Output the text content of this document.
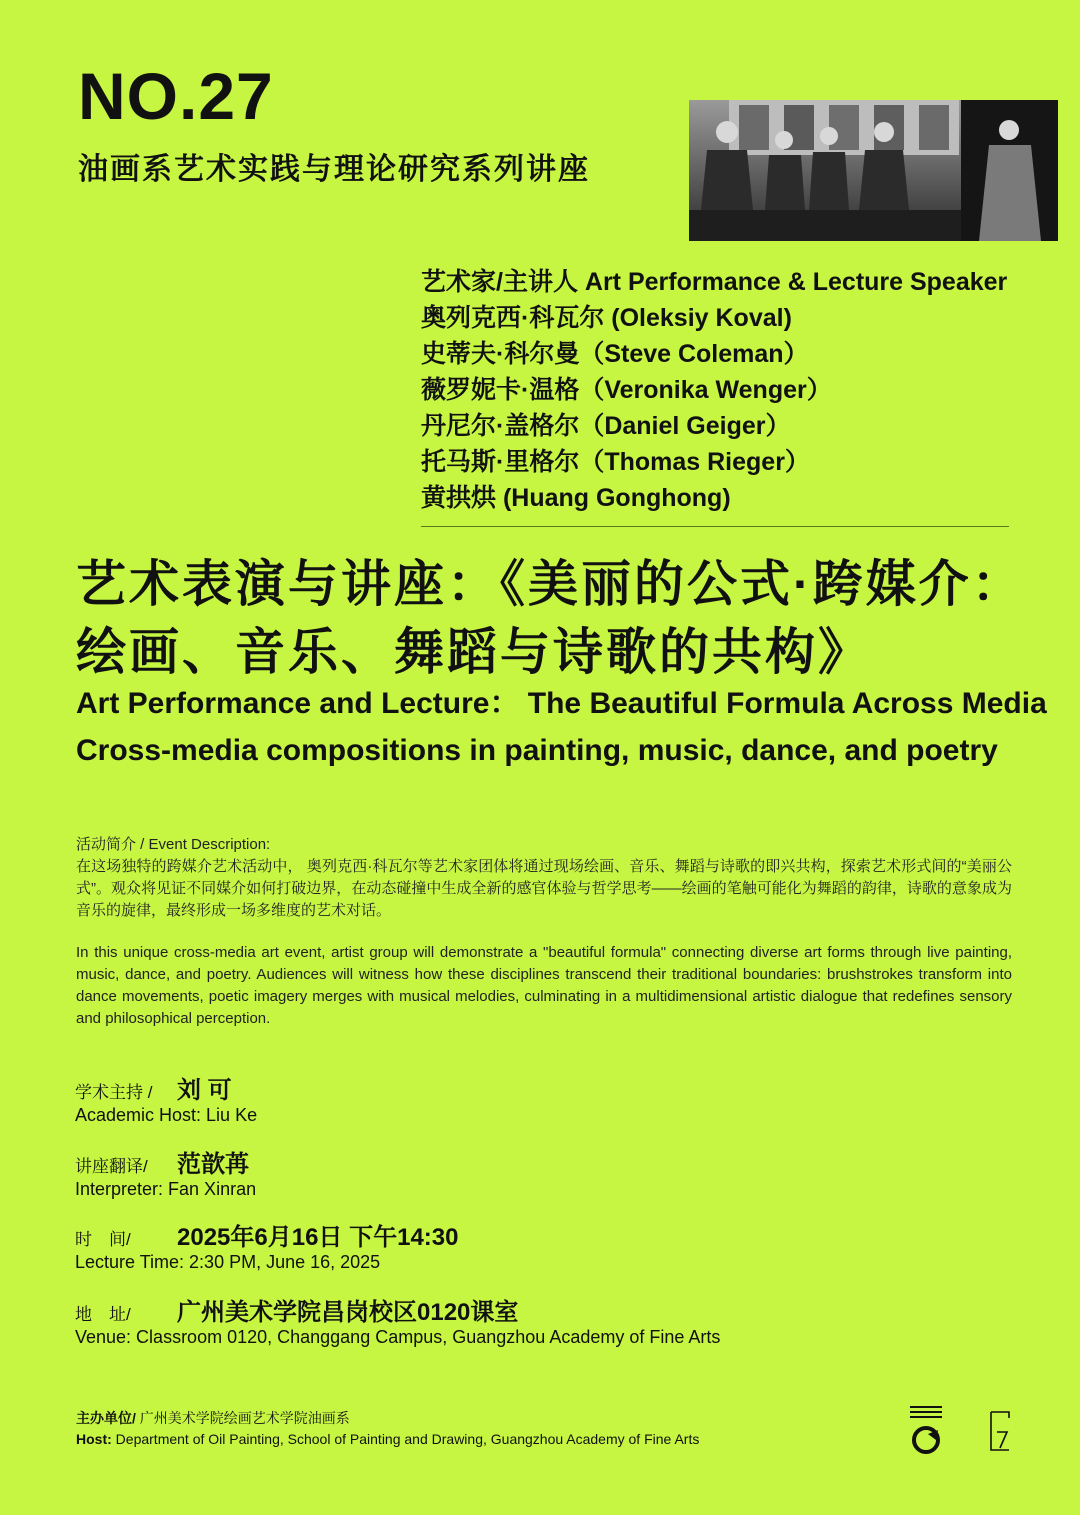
NO.27
油画系艺术实践与理论研究系列讲座
艺术家/主讲人 Art Performance & Lecture Speaker
奥列克西·科瓦尔 (Oleksiy Koval)
史蒂夫·科尔曼（Steve Coleman）
薇罗妮卡·温格（Veronika Wenger）
丹尼尔·盖格尔（Daniel Geiger）
托马斯·里格尔（Thomas Rieger）
黄拱烘 (Huang Gonghong)
艺术表演与讲座：《美丽的公式·跨媒介：绘画、音乐、舞蹈与诗歌的共构》
Art Performance and Lecture： The Beautiful Formula Across Media Cross-media compositions in painting, music, dance, and poetry
活动简介 / Event Description:
在这场独特的跨媒介艺术活动中， 奥列克西·科瓦尔等艺术家团体将通过现场绘画、音乐、舞蹈与诗歌的即兴共构，探索艺术形式间的“美丽公式”。观众将见证不同媒介如何打破边界，在动态碰撞中生成全新的感官体验与哲学思考——绘画的笔触可能化为舞蹈的韵律，诗歌的意象成为音乐的旋律，最终形成一场多维度的艺术对话。
In this unique cross-media art event, artist group will demonstrate a "beautiful formula" connecting diverse art forms through live painting, music, dance, and poetry. Audiences will witness how these disciplines transcend their traditional boundaries: brushstrokes transform into dance movements, poetic imagery merges with musical melodies, culminating in a multidimensional artistic dialogue that redefines sensory and philosophical perception.
学术主持 /	刘 可
Academic Host: Liu Ke
讲座翻译/	范歆苒
Interpreter: Fan Xinran
时　间/	2025年6月16日 下午14:30
Lecture Time: 2:30 PM, June 16, 2025
地　址/	广州美术学院昌岗校区0120课室
Venue: Classroom 0120, Changgang Campus, Guangzhou Academy of Fine Arts
主办单位/ 广州美术学院绘画艺术学院油画系
Host: Department of Oil Painting, School of Painting and Drawing, Guangzhou Academy of Fine Arts
